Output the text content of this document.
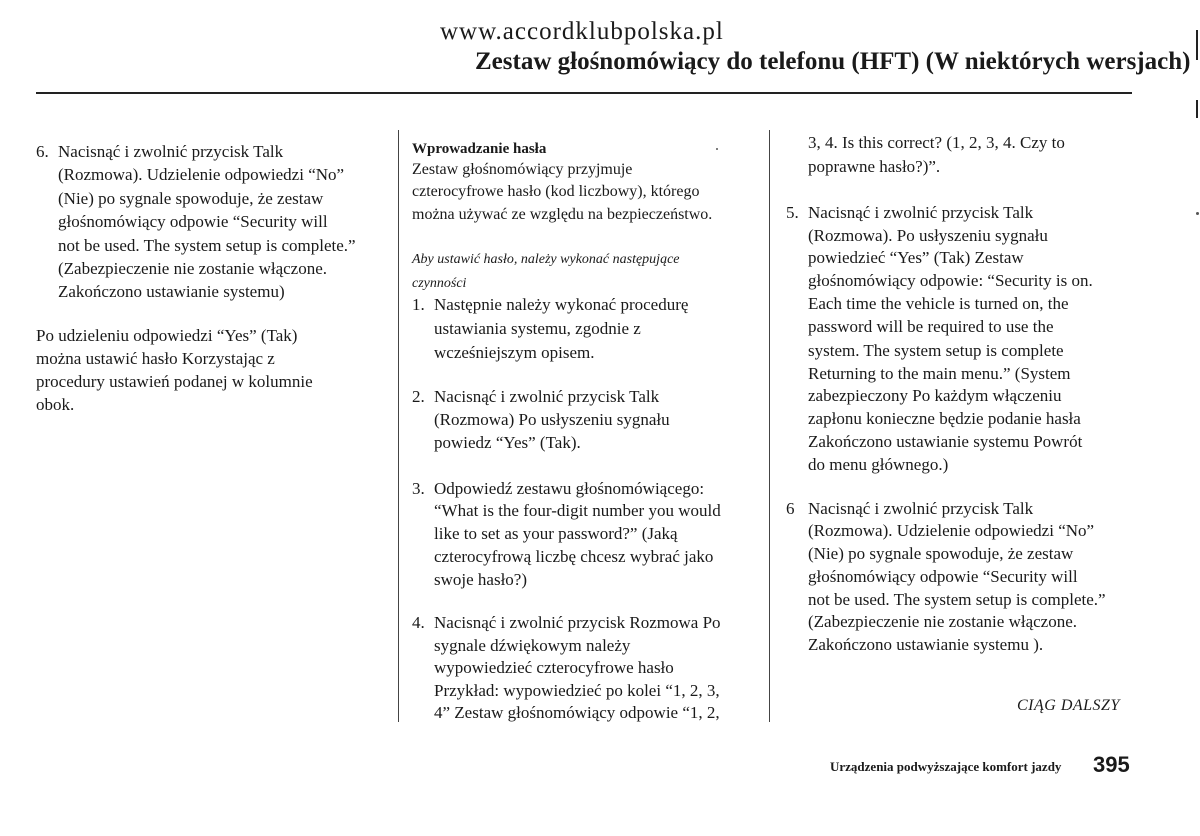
www.accordklubpolska.pl
Zestaw głośnomówiący do telefonu (HFT) (W niektórych wersjach)
6. Nacisnąć i zwolnić przycisk Talk
(Rozmowa). Udzielenie odpowiedzi “No”
(Nie) po sygnale spowoduje, że zestaw
głośnomówiący odpowie “Security will
not be used. The system setup is complete.”
(Zabezpieczenie nie zostanie włączone.
Zakończono ustawianie systemu)
Po udzieleniu odpowiedzi “Yes” (Tak)
można ustawić hasło Korzystając z
procedury ustawień podanej w kolumnie
obok.
Wprowadzanie hasła
Zestaw głośnomówiący przyjmuje
czterocyfrowe hasło (kod liczbowy), którego
można używać ze względu na bezpieczeństwo.
Aby ustawić hasło, należy wykonać następujące
czynności
1. Następnie należy wykonać procedurę
ustawiania systemu, zgodnie z
wcześniejszym opisem.
2. Nacisnąć i zwolnić przycisk Talk
(Rozmowa) Po usłyszeniu sygnału
powiedz “Yes” (Tak).
3. Odpowiedź zestawu głośnomówiącego:
“What is the four-digit number you would
like to set as your password?” (Jaką
czterocyfrową liczbę chcesz wybrać jako
swoje hasło?)
4. Nacisnąć i zwolnić przycisk Rozmowa Po
sygnale dźwiękowym należy
wypowiedzieć czterocyfrowe hasło
Przykład: wypowiedzieć po kolei “1, 2, 3,
4” Zestaw głośnomówiący odpowie “1, 2,
3, 4. Is this correct? (1, 2, 3, 4. Czy to
poprawne hasło?)”.
5. Nacisnąć i zwolnić przycisk Talk
(Rozmowa). Po usłyszeniu sygnału
powiedzieć “Yes” (Tak) Zestaw
głośnomówiący odpowie: “Security is on.
Each time the vehicle is turned on, the
password will be required to use the
system. The system setup is complete
Returning to the main menu.” (System
zabezpieczony Po każdym włączeniu
zapłonu konieczne będzie podanie hasła
Zakończono ustawianie systemu Powrót
do menu głównego.)
6 Nacisnąć i zwolnić przycisk Talk
(Rozmowa). Udzielenie odpowiedzi “No”
(Nie) po sygnale spowoduje, że zestaw
głośnomówiący odpowie “Security will
not be used. The system setup is complete.”
(Zabezpieczenie nie zostanie włączone.
Zakończono ustawianie systemu ).
CIĄG DALSZY
Urządzenia podwyższające komfort jazdy 395
